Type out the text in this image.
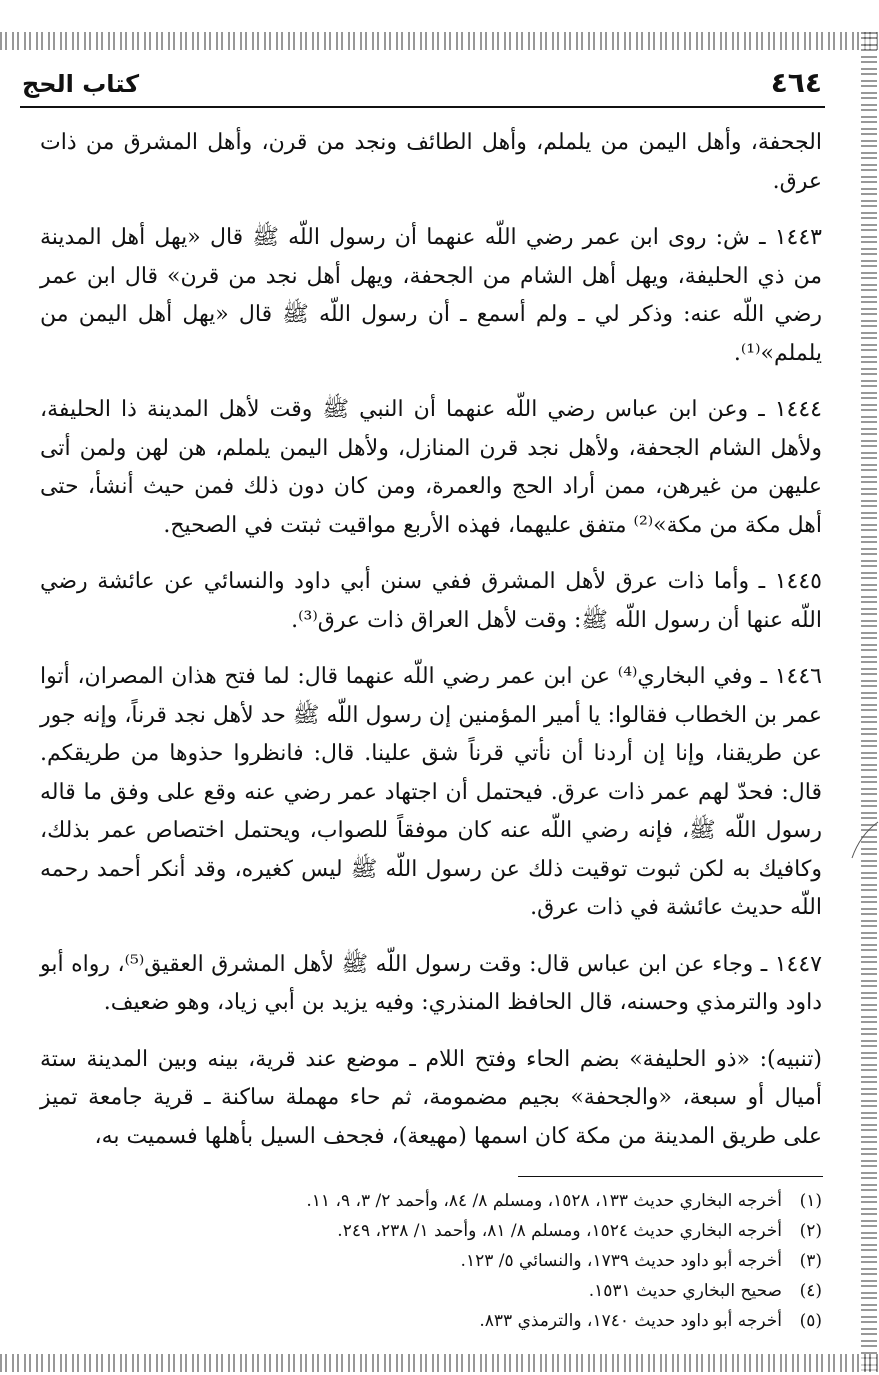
كتاب الحج	٤٦٤

الجحفة، وأهل اليمن من يلملم، وأهل الطائف ونجد من قرن، وأهل المشرق من ذات عرق.

١٤٤٣ ـ ش: روى ابن عمر رضي اللّه عنهما أن رسول اللّه ﷺ قال «يهل أهل المدينة من ذي الحليفة، ويهل أهل الشام من الجحفة، ويهل أهل نجد من قرن» قال ابن عمر رضي اللّه عنه: وذكر لي ـ ولم أسمع ـ أن رسول اللّه ﷺ قال «يهل أهل اليمن من يلملم»⁽¹⁾.

١٤٤٤ ـ وعن ابن عباس رضي اللّه عنهما أن النبي ﷺ وقت لأهل المدينة ذا الحليفة، ولأهل الشام الجحفة، ولأهل نجد قرن المنازل، ولأهل اليمن يلملم، هن لهن ولمن أتى عليهن من غيرهن، ممن أراد الحج والعمرة، ومن كان دون ذلك فمن حيث أنشأ، حتى أهل مكة من مكة»⁽²⁾ متفق عليهما، فهذه الأربع مواقيت ثبتت في الصحيح.

١٤٤٥ ـ وأما ذات عرق لأهل المشرق ففي سنن أبي داود والنسائي عن عائشة رضي اللّه عنها أن رسول اللّه ﷺ: وقت لأهل العراق ذات عرق⁽³⁾.

١٤٤٦ ـ وفي البخاري⁽⁴⁾ عن ابن عمر رضي اللّه عنهما قال: لما فتح هذان المصران، أتوا عمر بن الخطاب فقالوا: يا أمير المؤمنين إن رسول اللّه ﷺ حد لأهل نجد قرناً، وإنه جور عن طريقنا، وإنا إن أردنا أن نأتي قرناً شق علينا. قال: فانظروا حذوها من طريقكم. قال: فحدّ لهم عمر ذات عرق. فيحتمل أن اجتهاد عمر رضي عنه وقع على وفق ما قاله رسول اللّه ﷺ، فإنه رضي اللّه عنه كان موفقاً للصواب، ويحتمل اختصاص عمر بذلك، وكافيك به لكن ثبوت توقيت ذلك عن رسول اللّه ﷺ ليس كغيره، وقد أنكر أحمد رحمه اللّه حديث عائشة في ذات عرق.

١٤٤٧ ـ وجاء عن ابن عباس قال: وقت رسول اللّه ﷺ لأهل المشرق العقيق⁽⁵⁾، رواه أبو داود والترمذي وحسنه، قال الحافظ المنذري: وفيه يزيد بن أبي زياد، وهو ضعيف.

(تنبيه): «ذو الحليفة» بضم الحاء وفتح اللام ـ موضع عند قرية، بينه وبين المدينة ستة أميال أو سبعة، «والجحفة» بجيم مضمومة، ثم حاء مهملة ساكنة ـ قرية جامعة تميز على طريق المدينة من مكة كان اسمها (مهيعة)، فجحف السيل بأهلها فسميت به،

(١)
أخرجه البخاري حديث ١٣٣، ١٥٢٨، ومسلم ٨/ ٨٤، وأحمد ٢/ ٣، ٩، ١١.
(٢)
أخرجه البخاري حديث ١٥٢٤، ومسلم ٨/ ٨١، وأحمد ١/ ٢٣٨، ٢٤٩.
(٣)
أخرجه أبو داود حديث ١٧٣٩، والنسائي ٥/ ١٢٣.
(٤)
صحيح البخاري حديث ١٥٣١.
(٥)
أخرجه أبو داود حديث ١٧٤٠، والترمذي ٨٣٣.
